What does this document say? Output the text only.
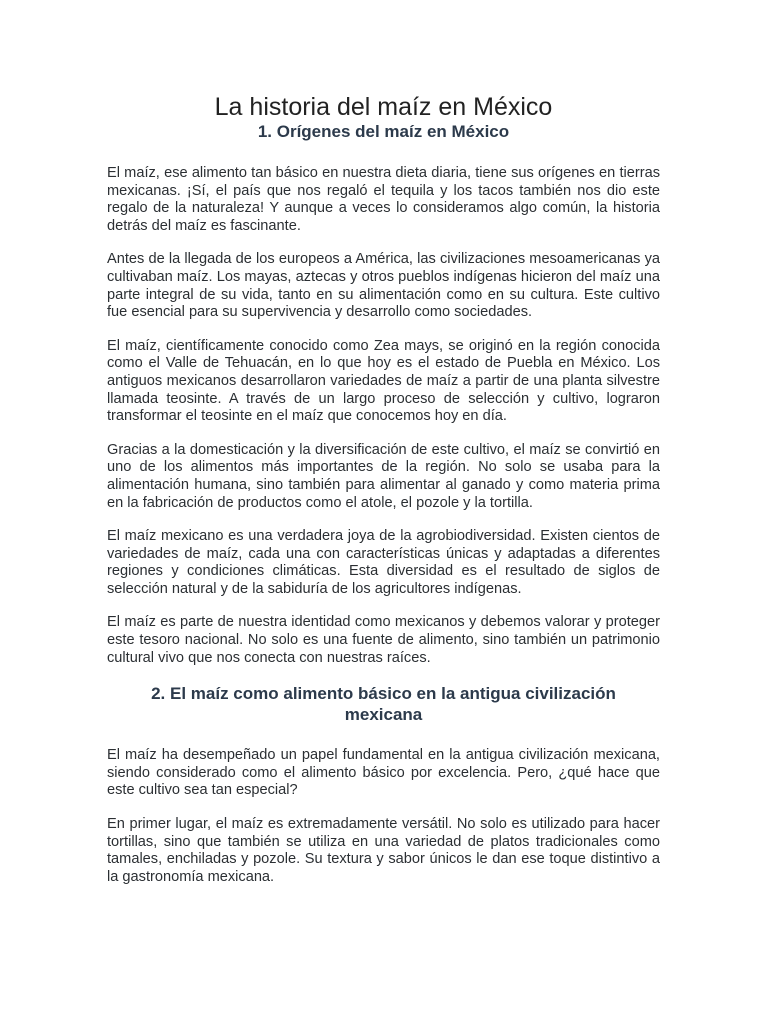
La historia del maíz en México
1. Orígenes del maíz en México

El maíz, ese alimento tan básico en nuestra dieta diaria, tiene sus orígenes en tierras mexicanas. ¡Sí, el país que nos regaló el tequila y los tacos también nos dio este regalo de la naturaleza! Y aunque a veces lo consideramos algo común, la historia detrás del maíz es fascinante.

Antes de la llegada de los europeos a América, las civilizaciones mesoamericanas ya cultivaban maíz. Los mayas, aztecas y otros pueblos indígenas hicieron del maíz una parte integral de su vida, tanto en su alimentación como en su cultura. Este cultivo fue esencial para su supervivencia y desarrollo como sociedades.

El maíz, científicamente conocido como Zea mays, se originó en la región conocida como el Valle de Tehuacán, en lo que hoy es el estado de Puebla en México. Los antiguos mexicanos desarrollaron variedades de maíz a partir de una planta silvestre llamada teosinte. A través de un largo proceso de selección y cultivo, lograron transformar el teosinte en el maíz que conocemos hoy en día.

Gracias a la domesticación y la diversificación de este cultivo, el maíz se convirtió en uno de los alimentos más importantes de la región. No solo se usaba para la alimentación humana, sino también para alimentar al ganado y como materia prima en la fabricación de productos como el atole, el pozole y la tortilla.

El maíz mexicano es una verdadera joya de la agrobiodiversidad. Existen cientos de variedades de maíz, cada una con características únicas y adaptadas a diferentes regiones y condiciones climáticas. Esta diversidad es el resultado de siglos de selección natural y de la sabiduría de los agricultores indígenas.

El maíz es parte de nuestra identidad como mexicanos y debemos valorar y proteger este tesoro nacional. No solo es una fuente de alimento, sino también un patrimonio cultural vivo que nos conecta con nuestras raíces.

2. El maíz como alimento básico en la antigua civilización mexicana

El maíz ha desempeñado un papel fundamental en la antigua civilización mexicana, siendo considerado como el alimento básico por excelencia. Pero, ¿qué hace que este cultivo sea tan especial?

En primer lugar, el maíz es extremadamente versátil. No solo es utilizado para hacer tortillas, sino que también se utiliza en una variedad de platos tradicionales como tamales, enchiladas y pozole. Su textura y sabor únicos le dan ese toque distintivo a la gastronomía mexicana.
